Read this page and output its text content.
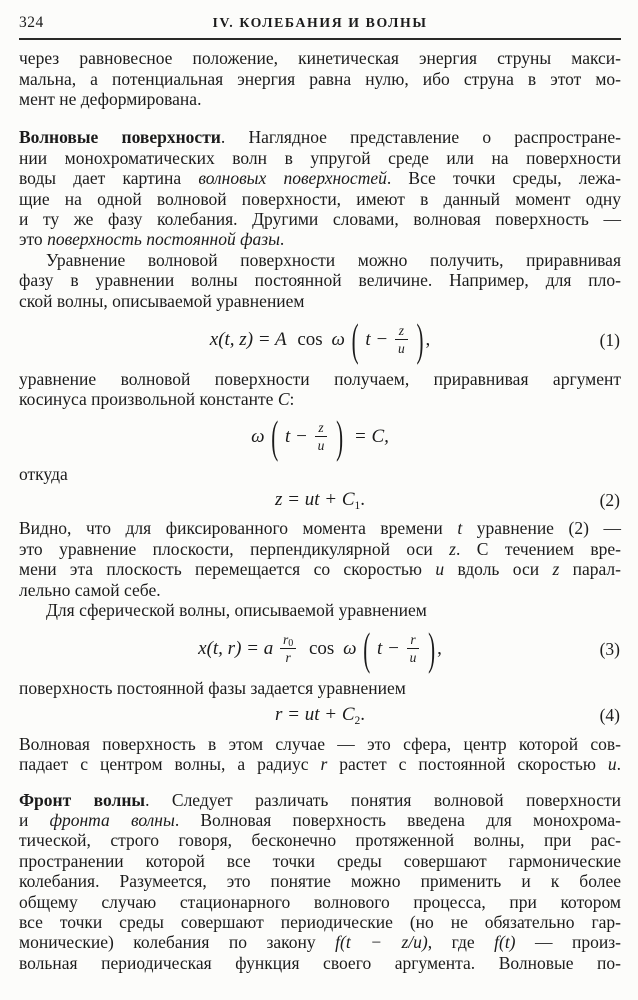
324	IV. КОЛЕБАНИЯ И ВОЛНЫ
через равновесное положение, кинетическая энергия струны макси-
мальна, а потенциальная энергия равна нулю, ибо струна в этот мо-
мент не деформирована.
Волновые поверхности. Наглядное представление о распростране-
нии монохроматических волн в упругой среде или на поверхности
воды дает картина волновых поверхностей. Все точки среды, лежа-
щие на одной волновой поверхности, имеют в данный момент одну
и ту же фазу колебания. Другими словами, волновая поверхность —
это поверхность постоянной фазы.
Уравнение волновой поверхности можно получить, приравнивая
фазу в уравнении волны постоянной величине. Например, для пло-
ской волны, описываемой уравнением
x(t, z) = A cos ω ( $t - \frac{z}{u}$ ) ,	(1)
уравнение волновой поверхности получаем, приравнивая аргумент
косинуса произвольной константе C:
ω ( $t - \frac{z}{u}$ ) = C,
откуда
z = ut + $C_1$.	(2)
Видно, что для фиксированного момента времени t уравнение (2) —
это уравнение плоскости, перпендикулярной оси z. С течением вре-
мени эта плоскость перемещается со скоростью u вдоль оси z парал-
лельно самой себе.
Для сферической волны, описываемой уравнением
x(t, r) = a $\frac{r_0}{r}$ cos ω ( $t - \frac{r}{u}$ ) ,	(3)
поверхность постоянной фазы задается уравнением
r = ut + $C_2$.	(4)
Волновая поверхность в этом случае — это сфера, центр которой сов-
падает с центром волны, а радиус r растет с постоянной скоростью u.
Фронт волны. Следует различать понятия волновой поверхности
и фронта волны. Волновая поверхность введена для монохрома-
тической, строго говоря, бесконечно протяженной волны, при рас-
пространении которой все точки среды совершают гармонические
колебания. Разумеется, это понятие можно применить и к более
общему случаю стационарного волнового процесса, при котором
все точки среды совершают периодические (но не обязательно гар-
монические) колебания по закону f(t − z/u), где f(t) — произ-
вольная периодическая функция своего аргумента. Волновые по-
